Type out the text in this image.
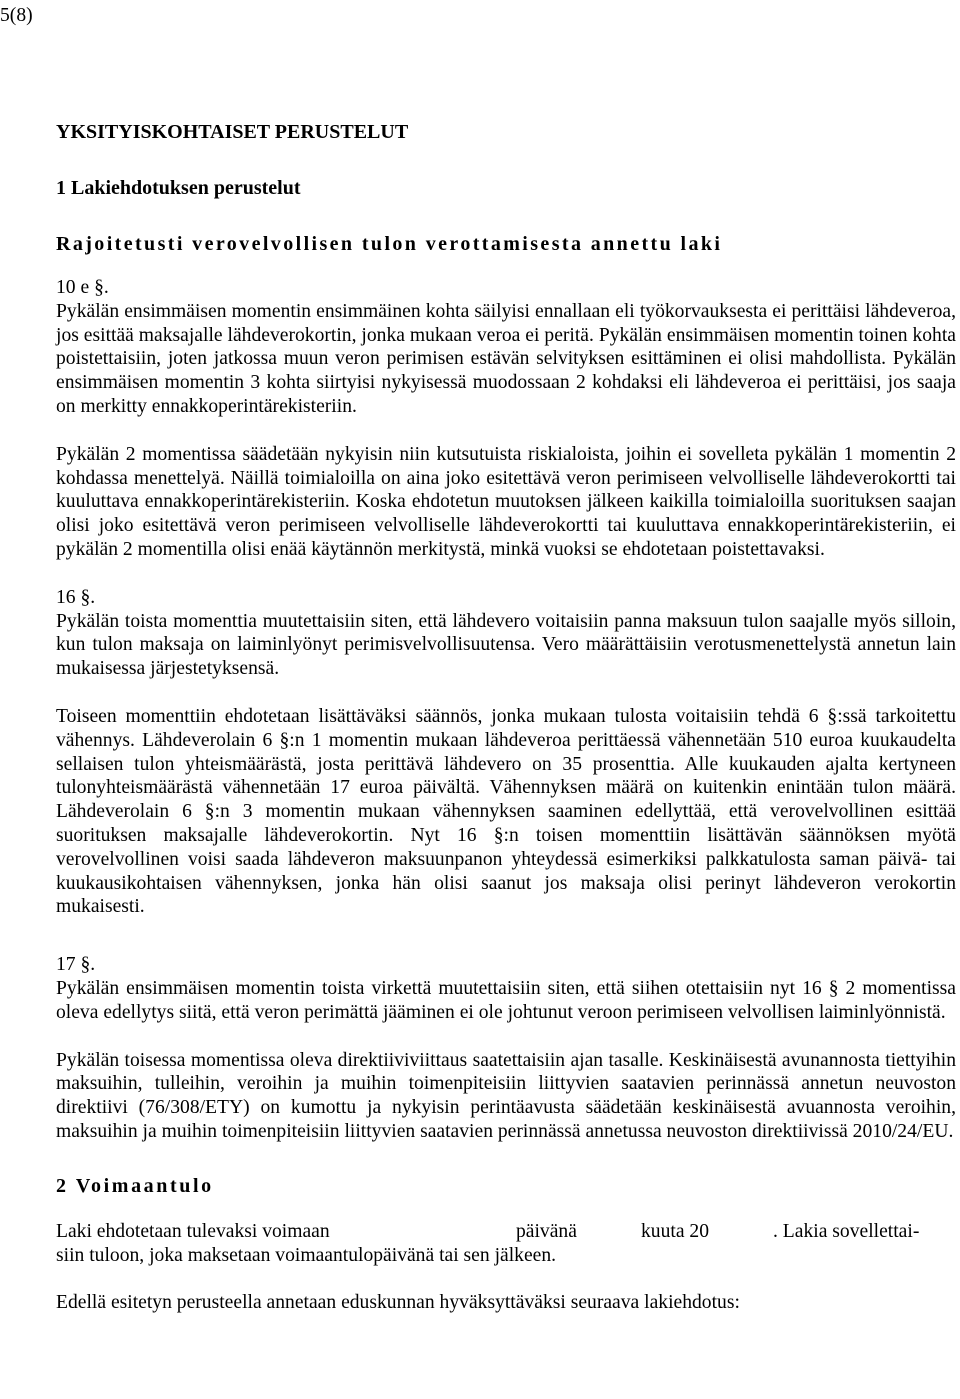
5(8)

YKSITYISKOHTAISET PERUSTELUT

1 Lakiehdotuksen perustelut

Rajoitetusti verovelvollisen tulon verottamisesta annettu laki

10 e §.

Pykälän ensimmäisen momentin ensimmäinen kohta säilyisi ennallaan eli työkorvauksesta ei perittäisi lähdeveroa, jos esittää maksajalle lähdeverokortin, jonka mukaan veroa ei peritä. Pykälän ensimmäisen momentin toinen kohta poistettaisiin, joten jatkossa muun veron perimisen estävän selvityksen esittäminen ei olisi mahdollista. Pykälän ensimmäisen momentin 3 kohta siirtyisi nykyisessä muodossaan 2 kohdaksi eli lähdeveroa ei perittäisi, jos saaja on merkitty ennakkoperintärekisteriin.

Pykälän 2 momentissa säädetään nykyisin niin kutsutuista riskialoista, joihin ei sovelleta pykälän 1 momentin 2 kohdassa menettelyä. Näillä toimialoilla on aina joko esitettävä veron perimiseen velvolliselle lähdeverokortti tai kuuluttava ennakkoperintärekisteriin. Koska ehdotetun muutoksen jälkeen kaikilla toimialoilla suorituksen saajan olisi joko esitettävä veron perimiseen velvolliselle lähdeverokortti tai kuuluttava ennakkoperintärekisteriin, ei pykälän 2 momentilla olisi enää käytännön merkitystä, minkä vuoksi se ehdotetaan poistettavaksi.

16 §.

Pykälän toista momenttia muutettaisiin siten, että lähdevero voitaisiin panna maksuun tulon saajalle myös silloin, kun tulon maksaja on laiminlyönyt perimisvelvollisuutensa. Vero määrättäisiin verotusmenettelystä annetun lain mukaisessa järjestetyksensä.

Toiseen momenttiin ehdotetaan lisättäväksi säännös, jonka mukaan tulosta voitaisiin tehdä 6 §:ssä tarkoitettu vähennys. Lähdeverolain 6 §:n 1 momentin mukaan lähdeveroa perittäessä vähennetään 510 euroa kuukaudelta sellaisen tulon yhteismäärästä, josta perittävä lähdevero on 35 prosenttia. Alle kuukauden ajalta kertyneen tulonyhteismäärästä vähennetään 17 euroa päivältä. Vähennyksen määrä on kuitenkin enintään tulon määrä. Lähdeverolain 6 §:n 3 momentin mukaan vähennyksen saaminen edellyttää, että verovelvollinen esittää suorituksen maksajalle lähdeverokortin. Nyt 16 §:n toisen momenttiin lisättävän säännöksen myötä verovelvollinen voisi saada lähdeveron maksuunpanon yhteydessä esimerkiksi palkkatulosta saman päivä- tai kuukausikohtaisen vähennyksen, jonka hän olisi saanut jos maksaja olisi perinyt lähdeveron verokortin mukaisesti.

17 §.

Pykälän ensimmäisen momentin toista virkettä muutettaisiin siten, että siihen otettaisiin nyt 16 § 2 momentissa oleva edellytys siitä, että veron perimättä jääminen ei ole johtunut veroon perimiseen velvollisen laiminlyönnistä.

Pykälän toisessa momentissa oleva direktiiviviittaus saatettaisiin ajan tasalle. Keskinäisestä avunannosta tiettyihin maksuihin, tulleihin, veroihin ja muihin toimenpiteisiin liittyvien saatavien perinnässä annetun neuvoston direktiivi (76/308/ETY) on kumottu ja nykyisin perintäavusta säädetään keskinäisestä avuannosta veroihin, maksuihin ja muihin toimenpiteisiin liittyvien saatavien perinnässä annetussa neuvoston direktiivissä 2010/24/EU.

2 Voimaantulo

Laki ehdotetaan tulevaksi voimaan	päivänä	kuuta 20	. Lakia sovellettai-

siin tuloon, joka maksetaan voimaantulopäivänä tai sen jälkeen.

Edellä esitetyn perusteella annetaan eduskunnan hyväksyttäväksi seuraava lakiehdotus:
